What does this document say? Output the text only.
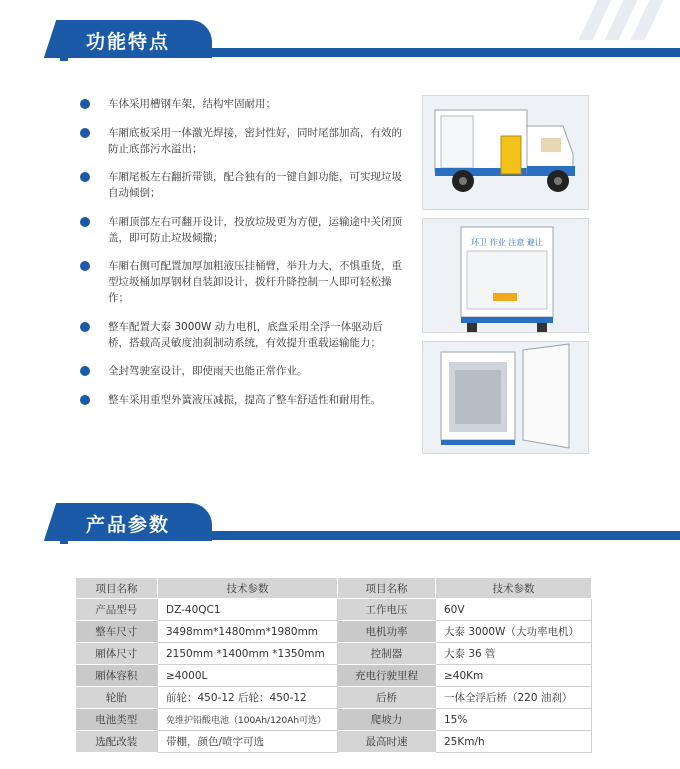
功能特点
车体采用槽钢车架，结构牢固耐用；
车厢底板采用一体激光焊接，密封性好，同时尾部加高，有效的防止底部污水溢出；
车厢尾板左右翻折带锁，配合独有的一键自卸功能，可实现垃圾自动倾倒；
车厢顶部左右可翻开设计，投放垃圾更为方便，运输途中关闭顶盖，即可防止垃圾倾撒；
车厢右侧可配置加厚加粗液压挂桶臂，举升力大，不惧重货，重型垃圾桶加厚钢材自装卸设计，拨杆升降控制一人即可轻松操作；
整车配置大泰 3000W 动力电机，底盘采用全浮一体驱动后桥，搭载高灵敏度油刹制动系统，有效提升重载运输能力；
全封驾驶室设计，即使雨天也能正常作业。
整车采用重型外簧液压减振，提高了整车舒适性和耐用性。
环卫 作业 注意 避让
产品参数
项目名称	技术参数	项目名称	技术参数
产品型号	DZ-40QC1	工作电压	60V
整车尺寸	3498mm*1480mm*1980mm	电机功率	大泰 3000W（大功率电机）
厢体尺寸	2150mm *1400mm *1350mm	控制器	大泰 36 管
厢体容积	≥4000L	充电行驶里程	≥40Km
轮胎	前轮：450-12 后轮：450-12	后桥	一体全浮后桥（220 油刹）
电池类型	免维护铅酸电池（100Ah/120Ah可选）	爬坡力	15%
选配改装	带棚，颜色/喷字可选	最高时速	25Km/h
